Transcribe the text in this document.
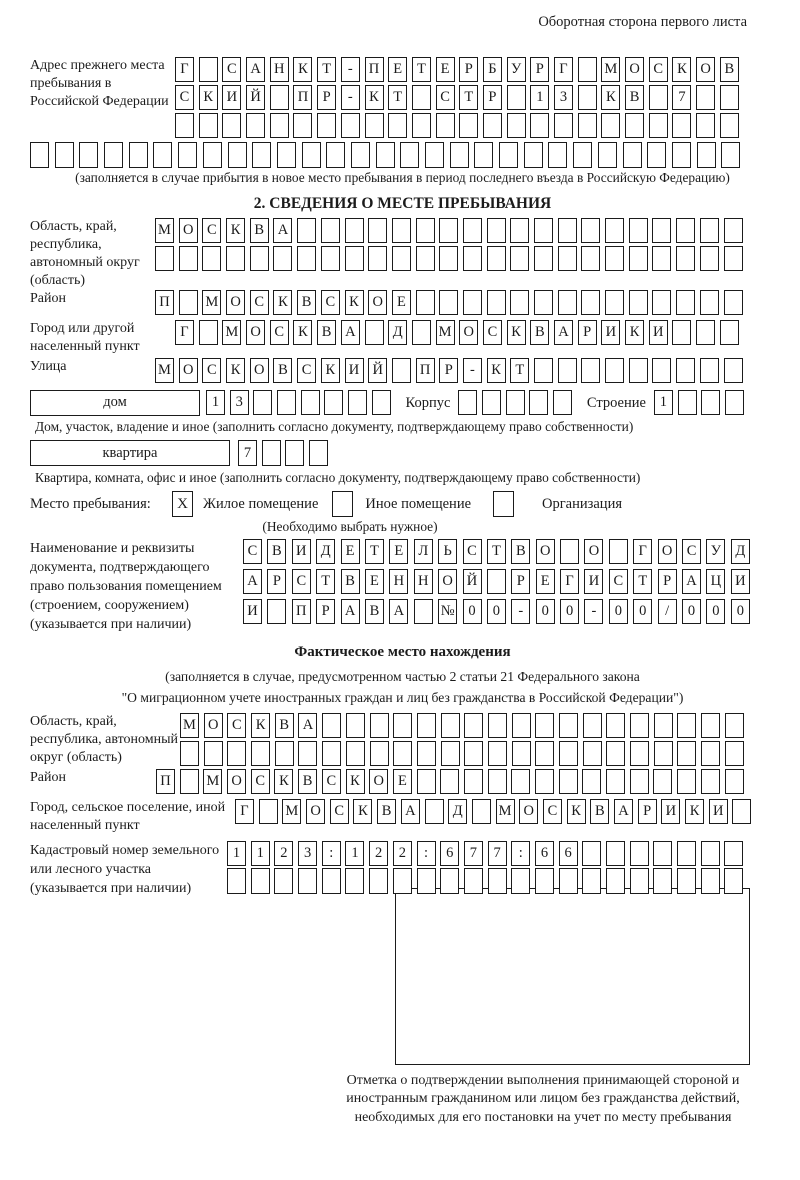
Оборотная сторона первого листа
Адрес прежнего места пребывания в Российской Федерации
Г	С А Н К Т	-	П Е	Т	Е	Р	Б У	Р	Г	М О С К О В
С К И Й	П Р	-	К Т	С Т	Р	1	3	К В	7
(заполняется в случае прибытия в новое место пребывания в период последнего въезда в Российскую Федерацию)
2. СВЕДЕНИЯ О МЕСТЕ ПРЕБЫВАНИЯ
Область, край, республика, автономный округ (область)
М О С К В А
Район	П М О С К В С К О Е
Город или другой населенный пункт
Г	М О С К В А	Д	М О С К В А Р И К И
Улица	М О С К О В С К И Й	П Р	-	К Т
дом	1	3	Корпус	Строение 1
Дом, участок, владение и иное (заполнить согласно документу, подтверждающему право собственности)
квартира	7
Квартира, комната, офис и иное (заполнить согласно документу, подтверждающему право собственности)
Место пребывания:	X	Жилое помещение	Иное помещение	Организация
(Необходимо выбрать нужное)
Наименование и реквизиты документа, подтверждающего право пользования помещением (строением, сооружением) (указывается при наличии)
С	В И Д	Е	Т	Е	Л	Ь	С	Т	В О	О	Г	О С У Д
А	Р	С	Т	В	Е	Н Н О Й	Р	Е	Г	И С	Т	Р	А Ц И
И	П	Р	А В А	№ 0	0	-	0	0	-	0	0	/	0	0	0
Фактическое место нахождения
(заполняется в случае, предусмотренном частью 2 статьи 21 Федерального закона
"О миграционном учете иностранных граждан и лиц без гражданства в Российской Федерации")
Область, край, республика, автономный округ (область)
М О С К В А
Район	П М О С К В С К О Е
Город, сельское поселение, иной населенный пункт
Г	М О С К В А	Д	М О С К В А Р И К И
Кадастровый номер земельного или лесного участка (указывается при наличии)
1	1	2	3	:	1	2	2	:	6	7	7	:	6	6
Отметка о подтверждении выполнения принимающей стороной и иностранным гражданином или лицом без гражданства действий, необходимых для его постановки на учет по месту пребывания
